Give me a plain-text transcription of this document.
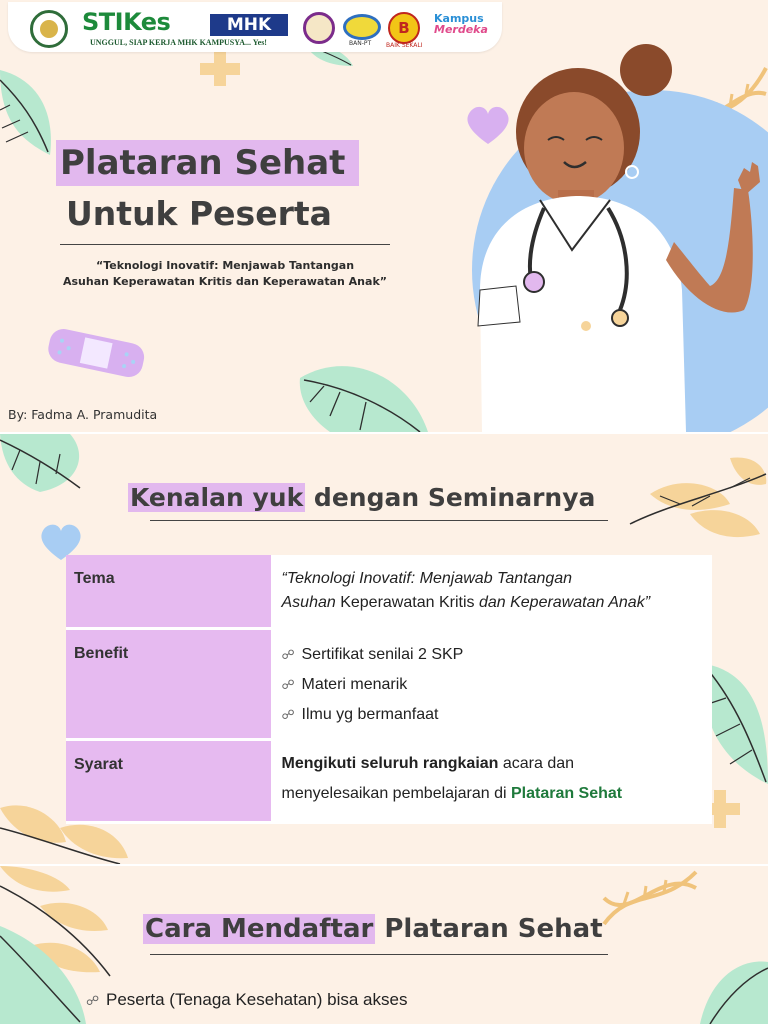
STIKes	MHK
UNGGUL, SIAP KERJA MHK KAMPUSYA... Yes!	BAN-PT
B
BAIK SEKALI
Kampus
Merdeka
Plataran Sehat
Untuk Peserta
“Teknologi Inovatif: Menjawab Tantangan
Asuhan Keperawatan Kritis dan Keperawatan Anak”
By: Fadma A. Pramudita
Kenalan yuk dengan Seminarnya
Tema	“Teknologi Inovatif: Menjawab Tantangan
Asuhan Keperawatan Kritis dan Keperawatan Anak”

Benefit	☍ Sertifikat senilai 2 SKP
☍ Materi menarik
☍ Ilmu yg bermanfaat

Syarat	Mengikuti seluruh rangkaian acara dan
menyelesaikan pembelajaran di Plataran Sehat
Cara Mendaftar Plataran Sehat
☍ Peserta (Tenaga Kesehatan) bisa akses
